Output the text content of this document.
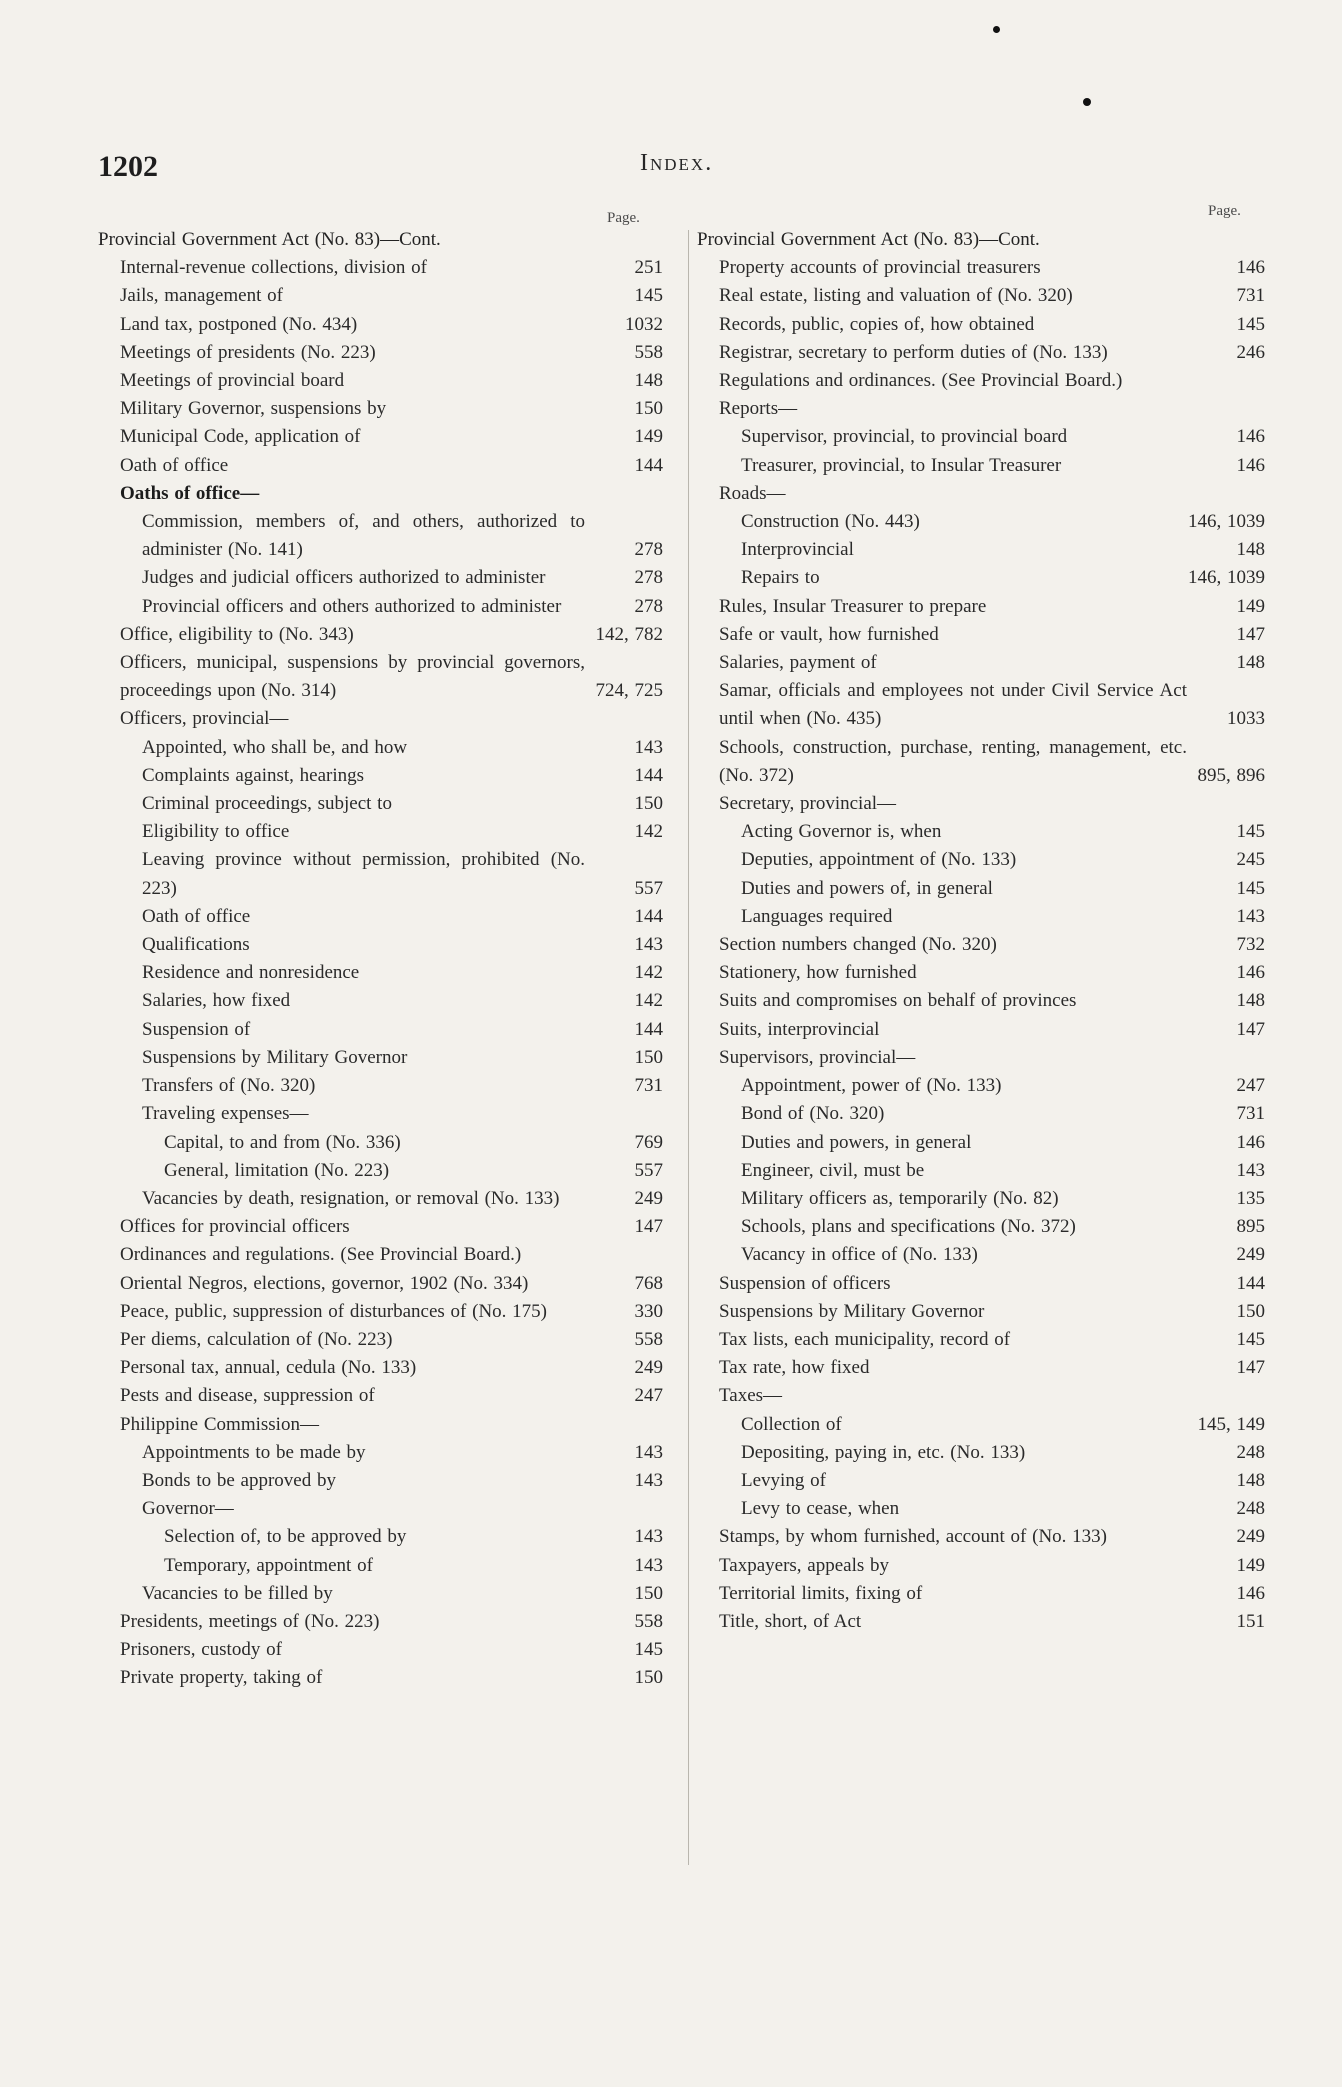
1202	Index.
Page.	Page.
Provincial Government Act (No. 83)—Cont.
Internal-revenue collections, division of	251
Jails, management of	145
Land tax, postponed (No. 434)	1032
Meetings of presidents (No. 223)	558
Meetings of provincial board	148
Military Governor, suspensions by	150
Municipal Code, application of	149
Oath of office	144
Oaths of office—
Commission, members of, and others, authorized to administer (No. 141)	278
Judges and judicial officers authorized to administer	278
Provincial officers and others authorized to administer	278
Office, eligibility to (No. 343)	142, 782
Officers, municipal, suspensions by provincial governors, proceedings upon (No. 314)	724, 725
Officers, provincial—
Appointed, who shall be, and how	143
Complaints against, hearings	144
Criminal proceedings, subject to	150
Eligibility to office	142
Leaving province without permission, prohibited (No. 223)	557
Oath of office	144
Qualifications	143
Residence and nonresidence	142
Salaries, how fixed	142
Suspension of	144
Suspensions by Military Governor	150
Transfers of (No. 320)	731
Traveling expenses—
Capital, to and from (No. 336)	769
General, limitation (No. 223)	557
Vacancies by death, resignation, or removal (No. 133)	249
Offices for provincial officers	147
Ordinances and regulations. (See Provincial Board.)
Oriental Negros, elections, governor, 1902 (No. 334)	768
Peace, public, suppression of disturbances of (No. 175)	330
Per diems, calculation of (No. 223)	558
Personal tax, annual, cedula (No. 133)	249
Pests and disease, suppression of	247
Philippine Commission—
Appointments to be made by	143
Bonds to be approved by	143
Governor—
Selection of, to be approved by	143
Temporary, appointment of	143
Vacancies to be filled by	150
Presidents, meetings of (No. 223)	558
Prisoners, custody of	145
Private property, taking of	150
Provincial Government Act (No. 83)—Cont.
Property accounts of provincial treasurers	146
Real estate, listing and valuation of (No. 320)	731
Records, public, copies of, how obtained	145
Registrar, secretary to perform duties of (No. 133)	246
Regulations and ordinances. (See Provincial Board.)
Reports—
Supervisor, provincial, to provincial board	146
Treasurer, provincial, to Insular Treasurer	146
Roads—
Construction (No. 443)	146, 1039
Interprovincial	148
Repairs to	146, 1039
Rules, Insular Treasurer to prepare	149
Safe or vault, how furnished	147
Salaries, payment of	148
Samar, officials and employees not under Civil Service Act until when (No. 435)	1033
Schools, construction, purchase, renting, management, etc. (No. 372)	895, 896
Secretary, provincial—
Acting Governor is, when	145
Deputies, appointment of (No. 133)	245
Duties and powers of, in general	145
Languages required	143
Section numbers changed (No. 320)	732
Stationery, how furnished	146
Suits and compromises on behalf of provinces	148
Suits, interprovincial	147
Supervisors, provincial—
Appointment, power of (No. 133)	247
Bond of (No. 320)	731
Duties and powers, in general	146
Engineer, civil, must be	143
Military officers as, temporarily (No. 82)	135
Schools, plans and specifications (No. 372)	895
Vacancy in office of (No. 133)	249
Suspension of officers	144
Suspensions by Military Governor	150
Tax lists, each municipality, record of	145
Tax rate, how fixed	147
Taxes—
Collection of	145, 149
Depositing, paying in, etc. (No. 133)	248
Levying of	148
Levy to cease, when	248
Stamps, by whom furnished, account of (No. 133)	249
Taxpayers, appeals by	149
Territorial limits, fixing of	146
Title, short, of Act	151
